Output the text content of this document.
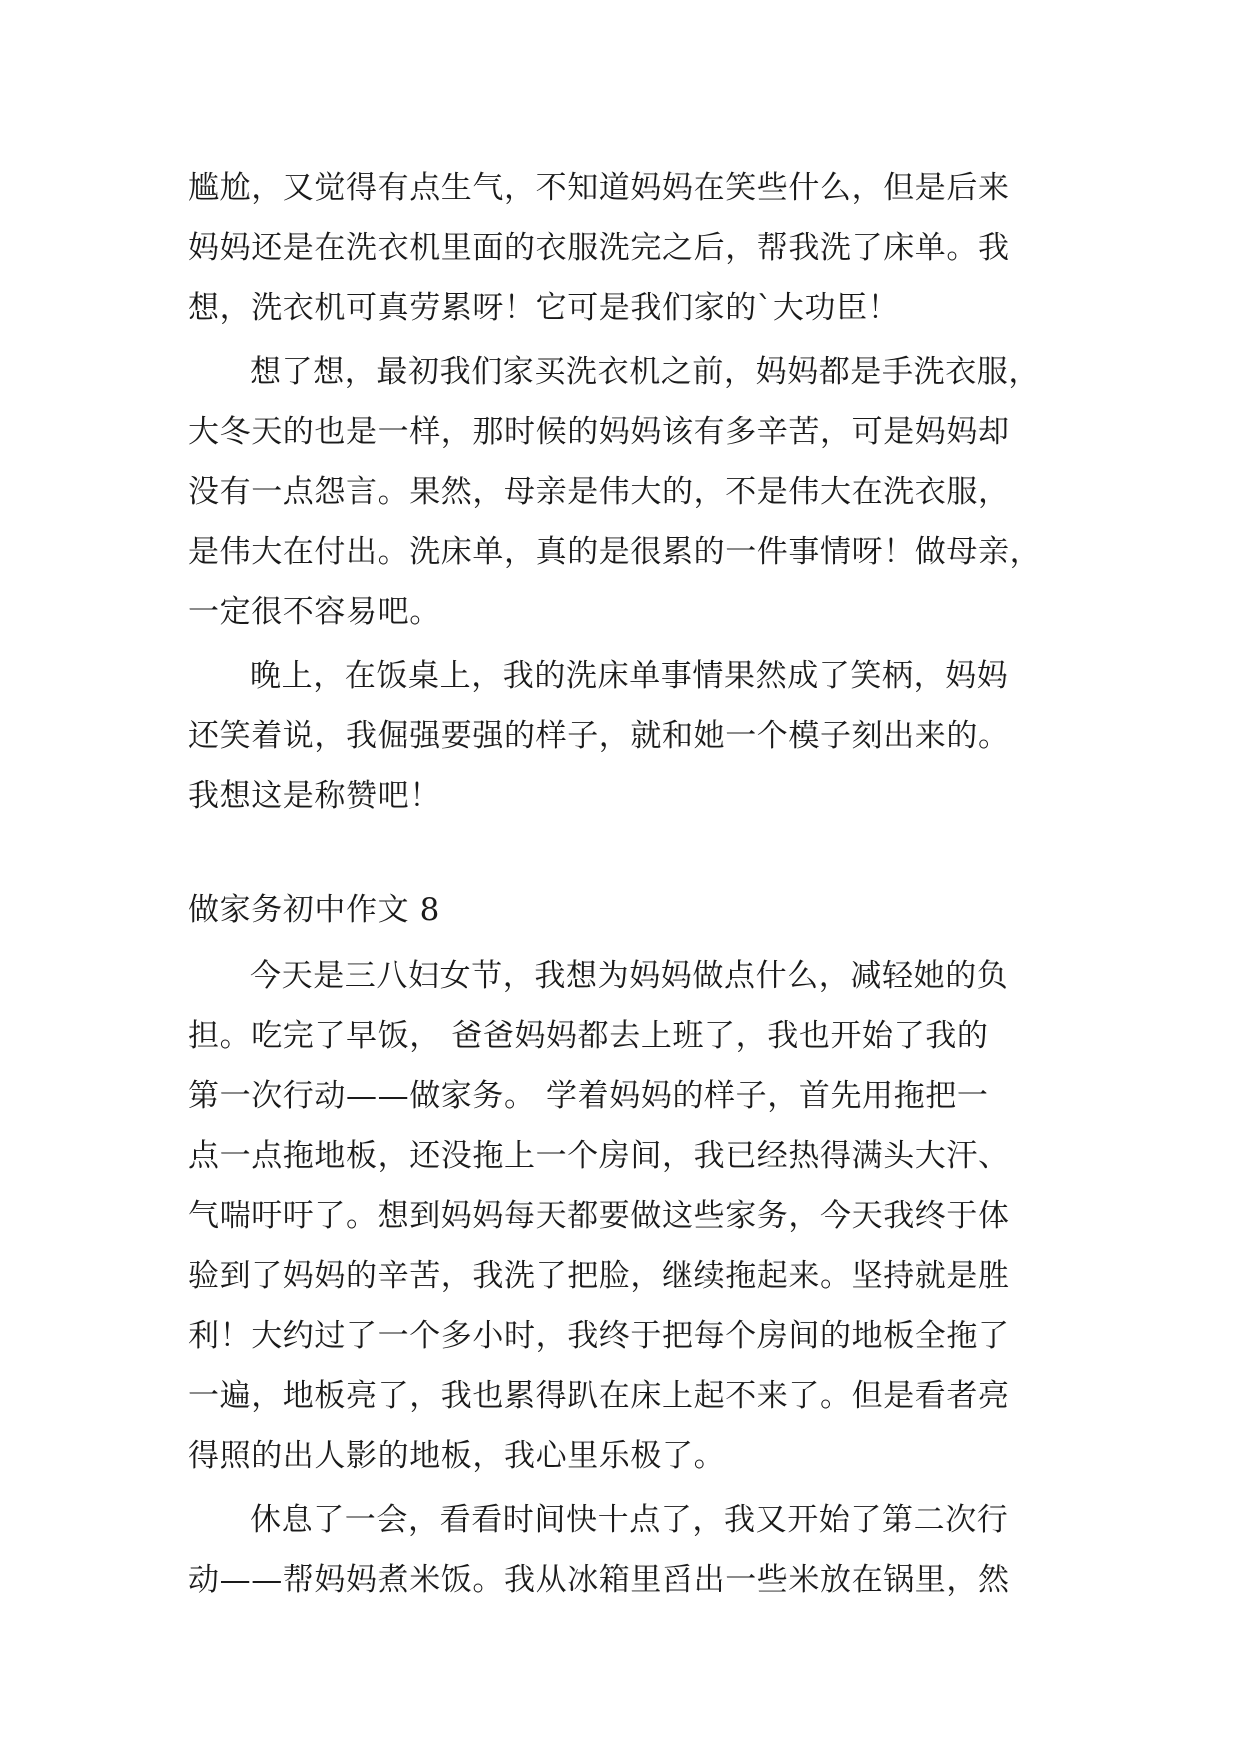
尴尬，又觉得有点生气，不知道妈妈在笑些什么，但是后来

妈妈还是在洗衣机里面的衣服洗完之后，帮我洗了床单。我

想，洗衣机可真劳累呀！它可是我们家的`大功臣！

想了想，最初我们家买洗衣机之前，妈妈都是手洗衣服，

大冬天的也是一样，那时候的妈妈该有多辛苦，可是妈妈却

没有一点怨言。果然，母亲是伟大的，不是伟大在洗衣服，

是伟大在付出。洗床单，真的是很累的一件事情呀！做母亲，

一定很不容易吧。

晚上，在饭桌上，我的洗床单事情果然成了笑柄，妈妈

还笑着说，我倔强要强的样子，就和她一个模子刻出来的。

我想这是称赞吧！

做家务初中作文 8

今天是三八妇女节，我想为妈妈做点什么，减轻她的负

担。吃完了早饭， 爸爸妈妈都去上班了，我也开始了我的

第一次行动——做家务。 学着妈妈的样子，首先用拖把一

点一点拖地板，还没拖上一个房间，我已经热得满头大汗、

气喘吁吁了。想到妈妈每天都要做这些家务，今天我终于体

验到了妈妈的辛苦，我洗了把脸，继续拖起来。坚持就是胜

利！大约过了一个多小时，我终于把每个房间的地板全拖了

一遍，地板亮了，我也累得趴在床上起不来了。但是看者亮

得照的出人影的地板，我心里乐极了。

休息了一会，看看时间快十点了，我又开始了第二次行

动——帮妈妈煮米饭。我从冰箱里舀出一些米放在锅里，然
